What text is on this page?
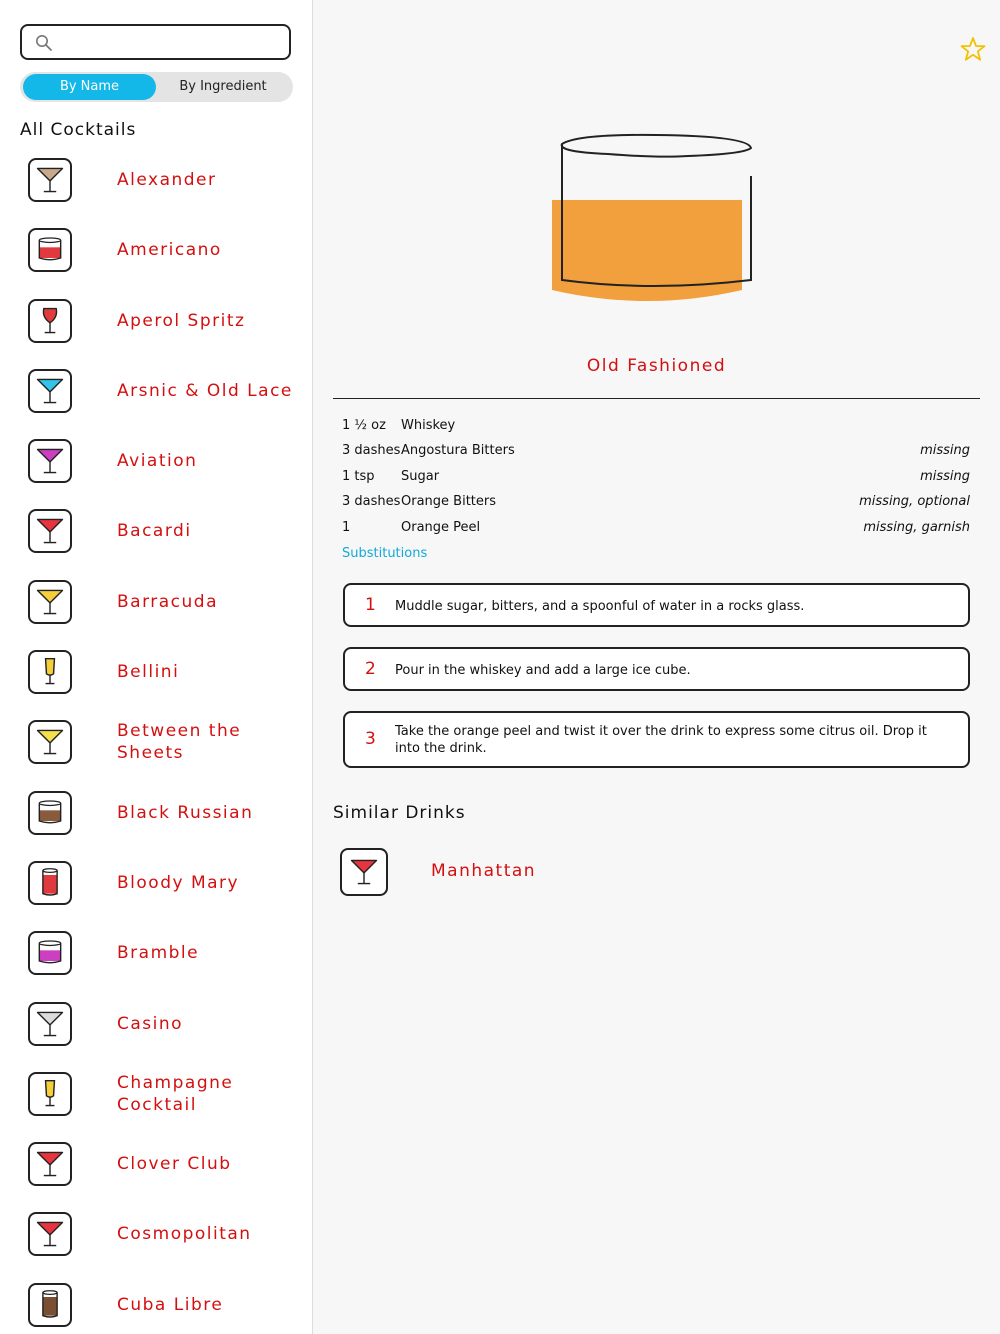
By Name	By Ingredient
All Cocktails
Alexander
Americano
Aperol Spritz
Arsnic & Old Lace
Aviation
Bacardi
Barracuda
Bellini
Between the Sheets
Black Russian
Bloody Mary
Bramble
Casino
Champagne Cocktail
Clover Club
Cosmopolitan
Cuba Libre
Old Fashioned
1 ½ oz Whiskey
3 dashes Angostura Bitters	missing
1 tsp Sugar	missing
3 dashes Orange Bitters	missing, optional
1	Orange Peel	missing, garnish
Substitutions
1 Muddle sugar, bitters, and a spoonful of water in a rocks glass.
2 Pour in the whiskey and add a large ice cube.
3 Take the orange peel and twist it over the drink to express some citrus oil. Drop it into the drink.
Similar Drinks
Manhattan
